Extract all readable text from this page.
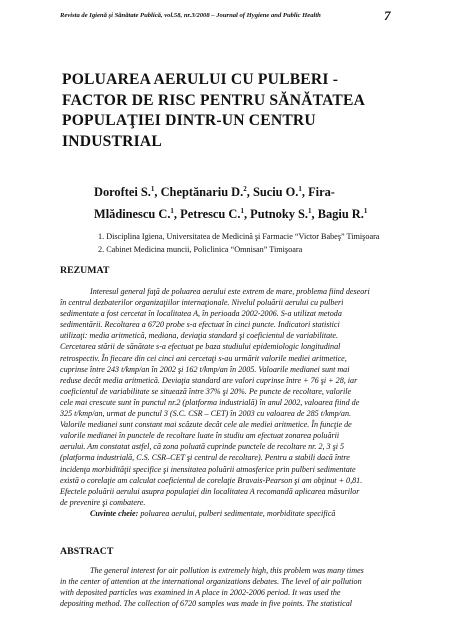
Revista de Igienă şi Sănătate Publică, vol.58, nr.3/2008 – Journal of Hygiene and Public Health	7
POLUAREA AERULUI CU PULBERI -
FACTOR DE RISC PENTRU SĂNĂTATEA
POPULAŢIEI DINTR-UN CENTRU
INDUSTRIAL
Doroftei S.$^1$, Cheptănariu D.$^2$, Suciu O.$^1$, Fira-
Mlădinescu C.$^1$, Petrescu C.$^1$, Putnoky S.$^1$, Bagiu R.$^1$
1. Disciplina Igiena, Universitatea de Medicină şi Farmacie “Victor Babeş” Timişoara
2. Cabinet Medicina muncii, Policlinica “Omnisan” Timişoara
REZUMAT
Interesul general faţă de poluarea aerului este extrem de mare, problema fiind deseori
în centrul dezbaterilor organizaţiilor internaţionale. Nivelul poluării aerului cu pulberi
sedimentate a fost cercetat în localitatea A, în perioada 2002-2006. S-a utilizat metoda
sedimentării. Recoltarea a 6720 probe s-a efectuat în cinci puncte. Indicatori statistici
utilizaţi: media aritmetică, mediana, deviaţia standard şi coeficientul de variabilitate.
Cercetarea stării de sănătate s-a efectuat pe baza studiului epidemiologic longitudinal
retrospectiv. În fiecare din cei cinci ani cercetaţi s-au urmărit valorile mediei aritmetice,
cuprinse între 243 t/kmp/an în 2002 şi 162 t/kmp/an în 2005. Valoarile medianei sunt mai
reduse decât media aritmetică. Deviaţia standard are valori cuprinse între + 76 şi + 28, iar
coeficientul de variabilitate se situează între 37% şi 20%. Pe puncte de recoltare, valorile
cele mai crescute sunt în punctul nr.2 (platforma industrială) în anul 2002, valoarea fiind de
325 t/kmp/an, urmat de punctul 3 (S.C. CSR – CET) în 2003 cu valoarea de 285 t/kmp/an.
Valorile medianei sunt constant mai scăzute decât cele ale mediei aritmetice. În funcţie de
valorile medianei în punctele de recoltare luate în studiu am efectuat zonarea poluării
aerului. Am constatat astfel, că zona poluată cuprinde punctele de recoltare nr. 2, 3 şi 5
(platforma industrială, C.S. CSR–CET şi centrul de recoltare). Pentru a stabili dacă între
incidenţa morbidităţii specifice şi inensitatea poluării atmosferice prin pulberi sedimentate
există o corelaţie am calculat coeficientul de corelaţie Bravais-Pearson şi am obţinut + 0,81.
Efectele poluării aerului asupra populaţiei din localitatea A recomandă aplicarea măsurilor
de prevenire şi combatere.
Cuvinte cheie: poluarea aerului, pulberi sedimentate, morbiditate specifică
ABSTRACT
The general interest for air pollution is extremely high, this problem was many times
in the center of attention at the international organizations debates. The level of air pollution
with deposited particles was examined in A place in 2002-2006 period. It was used the
depositing method. The collection of 6720 samples was made in five points. The statistical
